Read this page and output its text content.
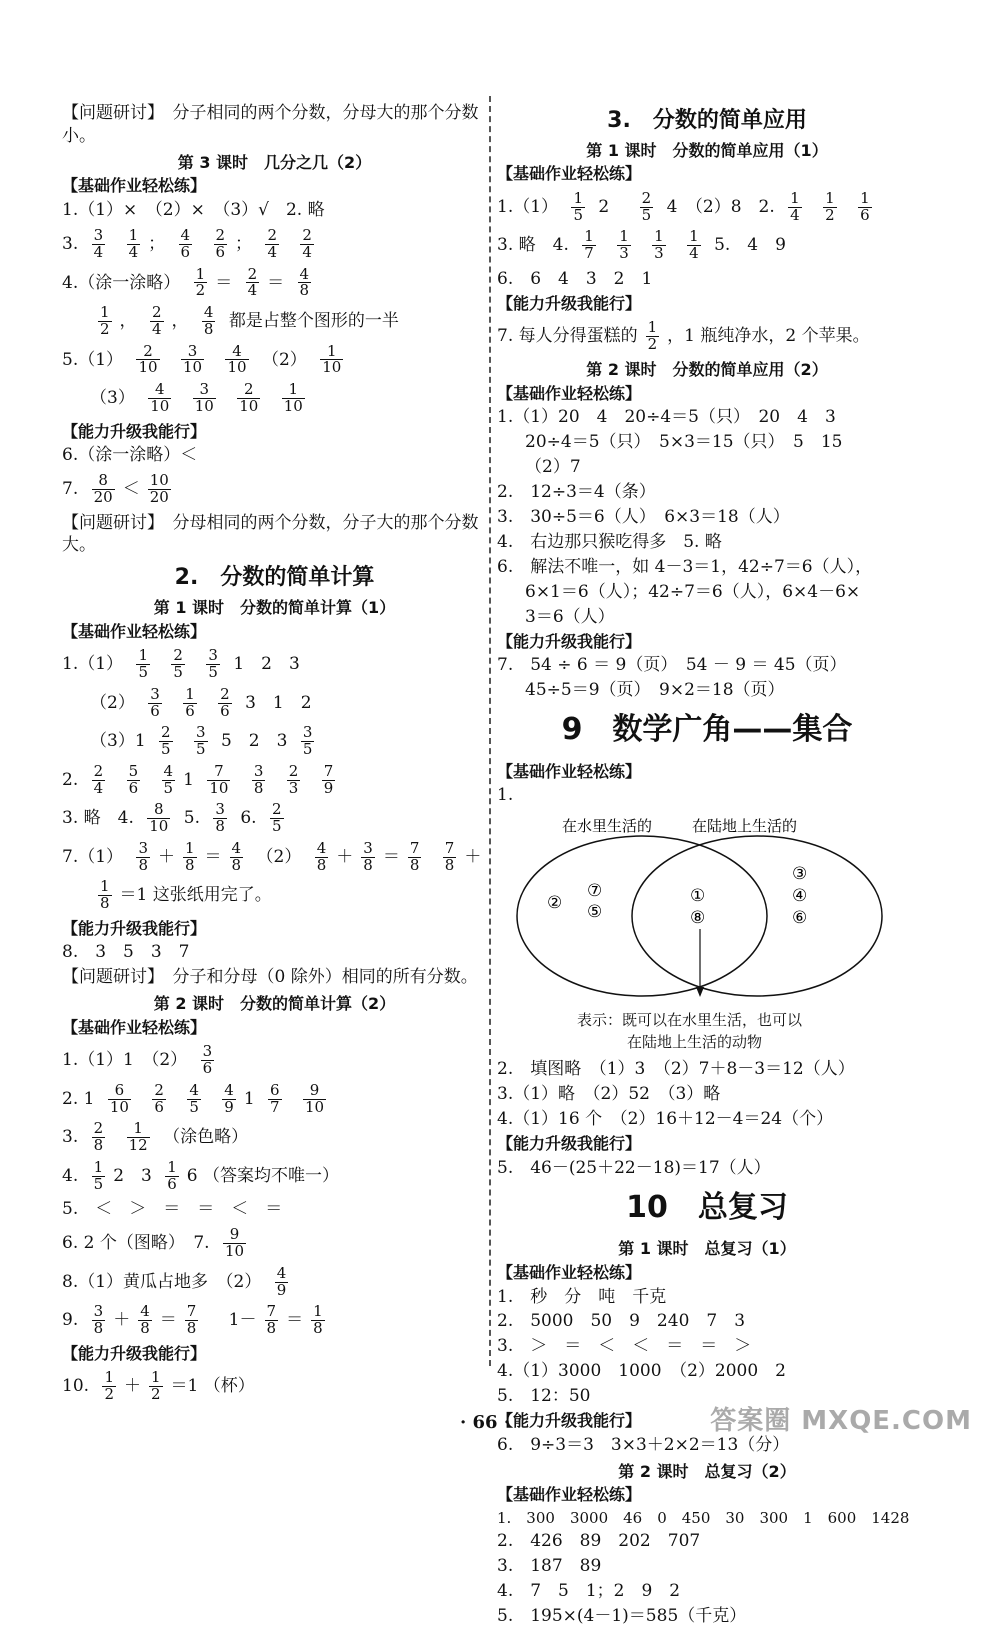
【问题研讨】　分子相同的两个分数，分母大的那个分数小。
第 3 课时　几分之几（2）
【基础作业轻松练】
1.（1）×　（2）×　（3）√　2. 略
3. $\frac{3}{4}$
$\frac{1}{4}$ ； $\frac{4}{6}$
$\frac{2}{6}$ ； $\frac{2}{4}$
$\frac{2}{4}$
4.（涂一涂略） $\frac{1}{2} = \frac{2}{4} = \frac{4}{8}$
$\frac{1}{2}$ ， $\frac{2}{4}$ ， $\frac{4}{8}$ 都是占整个图形的一半
$5.(1) \frac{2}{10}$
$\frac{3}{10}$
$\frac{4}{10} (2) \frac{1}{10}$
$(3) \frac{4}{10}$
$\frac{3}{10}$
$\frac{2}{10}$
$\frac{1}{10}$
【能力升级我能行】
6.（涂一涂略）＜
7. $\frac{8}{20} < \frac{10}{20}$
【问题研讨】　分母相同的两个分数，分子大的那个分数大。
2.　分数的简单计算
第 1 课时　分数的简单计算（1）
【基础作业轻松练】
$1.(1) \frac{1}{5}$
$\frac{2}{5}$
$\frac{3}{5} 1$　2　3
$(2) \frac{3}{6}$
$\frac{1}{6}$
$\frac{2}{6} 3$　1　2
$(3)1 \frac{2}{5}$
$\frac{3}{5} 5$　2　$3 \frac{3}{5}$
2. $\frac{2}{4}$
$\frac{5}{6}$
$\frac{4}{5} 1 \frac{7}{10}$
$\frac{3}{8}$
$\frac{2}{3}$
$\frac{7}{9}$
3. 略　4. $\frac{8}{10} 5$. $\frac{3}{8} 6$. $\frac{2}{5}$
$7.(1) \frac{3}{8} + \frac{1}{8} = \frac{4}{8} (2) \frac{4}{8} + \frac{3}{8} = \frac{7}{8}$
$\frac{7}{8}$ ＋
$\frac{1}{8} =1$ 这张纸用完了。
【能力升级我能行】
8.　3　5　3　7
【问题研讨】　分子和分母（0 除外）相同的所有分数。
第 2 课时　分数的简单计算（2）
【基础作业轻松练】
1.（1）1　$(2) \frac{3}{6}$
2. $1 \frac{6}{10}$
$\frac{2}{6}$
$\frac{4}{5}$
$\frac{4}{9} 1 \frac{6}{7}$
$\frac{9}{10}$
3. $\frac{2}{8}$
$\frac{1}{12}$ （涂色略）
4. $\frac{1}{5} 2$　$3 \frac{1}{6} 6$ （答案均不唯一）
5.　＜　＞　＝　＝　＜　＝
6. 2 个（图略）　7. $\frac{9}{10}$
8.（1）黄瓜占地多　$(2) \frac{4}{9}$
9. $\frac{3}{8} + \frac{4}{8} = \frac{7}{8}$ 　$1- \frac{7}{8} = \frac{1}{8}$
【能力升级我能行】
10. $\frac{1}{2} + \frac{1}{2} =1$ （杯）
3.　分数的简单应用
第 1 课时　分数的简单应用（1）
【基础作业轻松练】
$1.(1) \frac{1}{5} 2$　 $\frac{2}{5} 4$　（2）8　2. $\frac{1}{4}$
$\frac{1}{2}$
$\frac{1}{6}$
3. 略　4. $\frac{1}{7}$
$\frac{1}{3}$
$\frac{1}{3}$
$\frac{1}{4} 5$.　4　9
6.　6　4　3　2　1
【能力升级我能行】
7. 每人分得蛋糕的 $\frac{1}{2}$ ，1 瓶纯净水，2 个苹果。
第 2 课时　分数的简单应用（2）
【基础作业轻松练】
1.（1）20　4　20÷4＝5（只）　20　4　3
20÷4＝5（只）　5×3＝15（只）　5　15
（2）7
2.　12÷3＝4（条）
3.　30÷5＝6（人）　6×3＝18（人）
4.　右边那只猴吃得多　5. 略
6.　解法不唯一，如 4－3＝1，42÷7＝6（人），
6×1＝6（人）；42÷7＝6（人），6×4－6×
3＝6（人）
【能力升级我能行】
7.　54 ÷ 6 ＝ 9（页）　54 － 9 ＝ 45（页）
45÷5＝9（页）　9×2＝18（页）
9　数学广角——集合
【基础作业轻松练】
1.
在水里生活的	在陆地上生活的
②
⑦
⑤
①
⑧
③
④
⑥
表示：既可以在水里生活，也可以
在陆地上生活的动物
2.　填图略　（1）3　（2）7＋8－3＝12（人）
3.（1）略　（2）52　（3）略
4.（1）16 个　（2）16＋12－4＝24（个）
【能力升级我能行】
5.　46－(25＋22－18)＝17（人）
10　总复习
第 1 课时　总复习（1）
【基础作业轻松练】
1.　秒　分　吨　千克
2.　5000　50　9　240　7　3
3.　＞　＝　＜　＜　＝　＝　＞
4.（1）3000　1000　（2）2000　2
5.　12：50
【能力升级我能行】
6.　9÷3＝3　3×3＋2×2＝13（分）
第 2 课时　总复习（2）
【基础作业轻松练】
1.　300　3000　46　0　450　30　300　1　600　1428
2.　426　89　202　707
3.　187　89
4.　7　5　1；2　9　2
5.　195×(4－1)＝585（千克）
· 66 ·	答案圈 MXQE.COM
